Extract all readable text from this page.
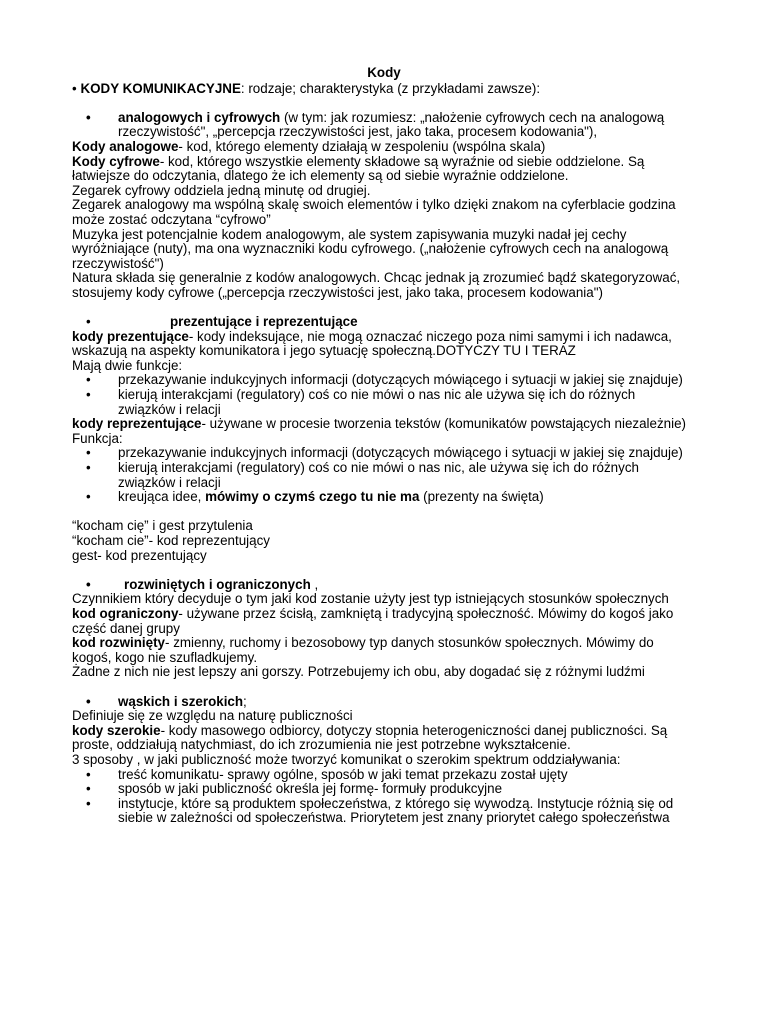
Kody

• KODY KOMUNIKACYJNE: rodzaje; charakterystyka (z przykładami zawsze):

• analogowych i cyfrowych (w tym: jak rozumiesz: „nałożenie cyfrowych cech na analogową rzeczywistość", „percepcja rzeczywistości jest, jako taka, procesem kodowania"),

Kody analogowe- kod, którego elementy działają w zespoleniu (wspólna skala)

Kody cyfrowe- kod, którego wszystkie elementy składowe są wyraźnie od siebie oddzielone. Są łatwiejsze do odczytania, dlatego że ich elementy są od siebie wyraźnie oddzielone.

Zegarek cyfrowy oddziela jedną minutę od drugiej.

Zegarek analogowy ma wspólną skalę swoich elementów i tylko dzięki znakom na cyferblacie godzina może zostać odczytana “cyfrowo”

Muzyka jest potencjalnie kodem analogowym, ale system zapisywania muzyki nadał jej cechy wyróżniające (nuty), ma ona wyznaczniki kodu cyfrowego. („nałożenie cyfrowych cech na analogową rzeczywistość")

Natura składa się generalnie z kodów analogowych. Chcąc jednak ją zrozumieć bądź skategoryzować, stosujemy kody cyfrowe („percepcja rzeczywistości jest, jako taka, procesem kodowania")

•	prezentujące i reprezentujące

kody prezentujące- kody indeksujące, nie mogą oznaczać niczego poza nimi samymi i ich nadawca, wskazują na aspekty komunikatora i jego sytuację społeczną.DOTYCZY TU I TERAZ

Mają dwie funkcje:

• przekazywanie indukcyjnych informacji (dotyczących mówiącego i sytuacji w jakiej się znajduje)
• kierują interakcjami (regulatory) coś co nie mówi o nas nic ale używa się ich do różnych związków i relacji

kody reprezentujące- używane w procesie tworzenia tekstów (komunikatów powstających niezależnie)

Funkcja:

• przekazywanie indukcyjnych informacji (dotyczących mówiącego i sytuacji w jakiej się znajduje)
• kierują interakcjami (regulatory) coś co nie mówi o nas nic, ale używa się ich do różnych związków i relacji
• kreująca idee, mówimy o czymś czego tu nie ma (prezenty na święta)

“kocham cię” i gest przytulenia

“kocham cie”- kod reprezentujący

gest- kod prezentujący

• rozwiniętych i ograniczonych ,

Czynnikiem który decyduje o tym jaki kod zostanie użyty jest typ istniejących stosunków społecznych

kod ograniczony- używane przez ścisłą, zamkniętą i tradycyjną społeczność. Mówimy do kogoś jako część danej grupy

kod rozwinięty- zmienny, ruchomy i bezosobowy typ danych stosunków społecznych. Mówimy do kogoś, kogo nie szufladkujemy.

Żadne z nich nie jest lepszy ani gorszy. Potrzebujemy ich obu, aby dogadać się z różnymi ludźmi

• wąskich i szerokich;

Definiuje się ze względu na naturę publiczności

kody szerokie- kody masowego odbiorcy, dotyczy stopnia heterogeniczności danej publiczności. Są proste, oddziałują natychmiast, do ich zrozumienia nie jest potrzebne wykształcenie.

3 sposoby , w jaki publiczność może tworzyć komunikat o szerokim spektrum oddziaływania:

• treść komunikatu- sprawy ogólne, sposób w jaki temat przekazu został ujęty
• sposób w jaki publiczność określa jej formę- formuły produkcyjne
• instytucje, które są produktem społeczeństwa, z którego się wywodzą. Instytucje różnią się od siebie w zależności od społeczeństwa. Priorytetem jest znany priorytet całego społeczeństwa
